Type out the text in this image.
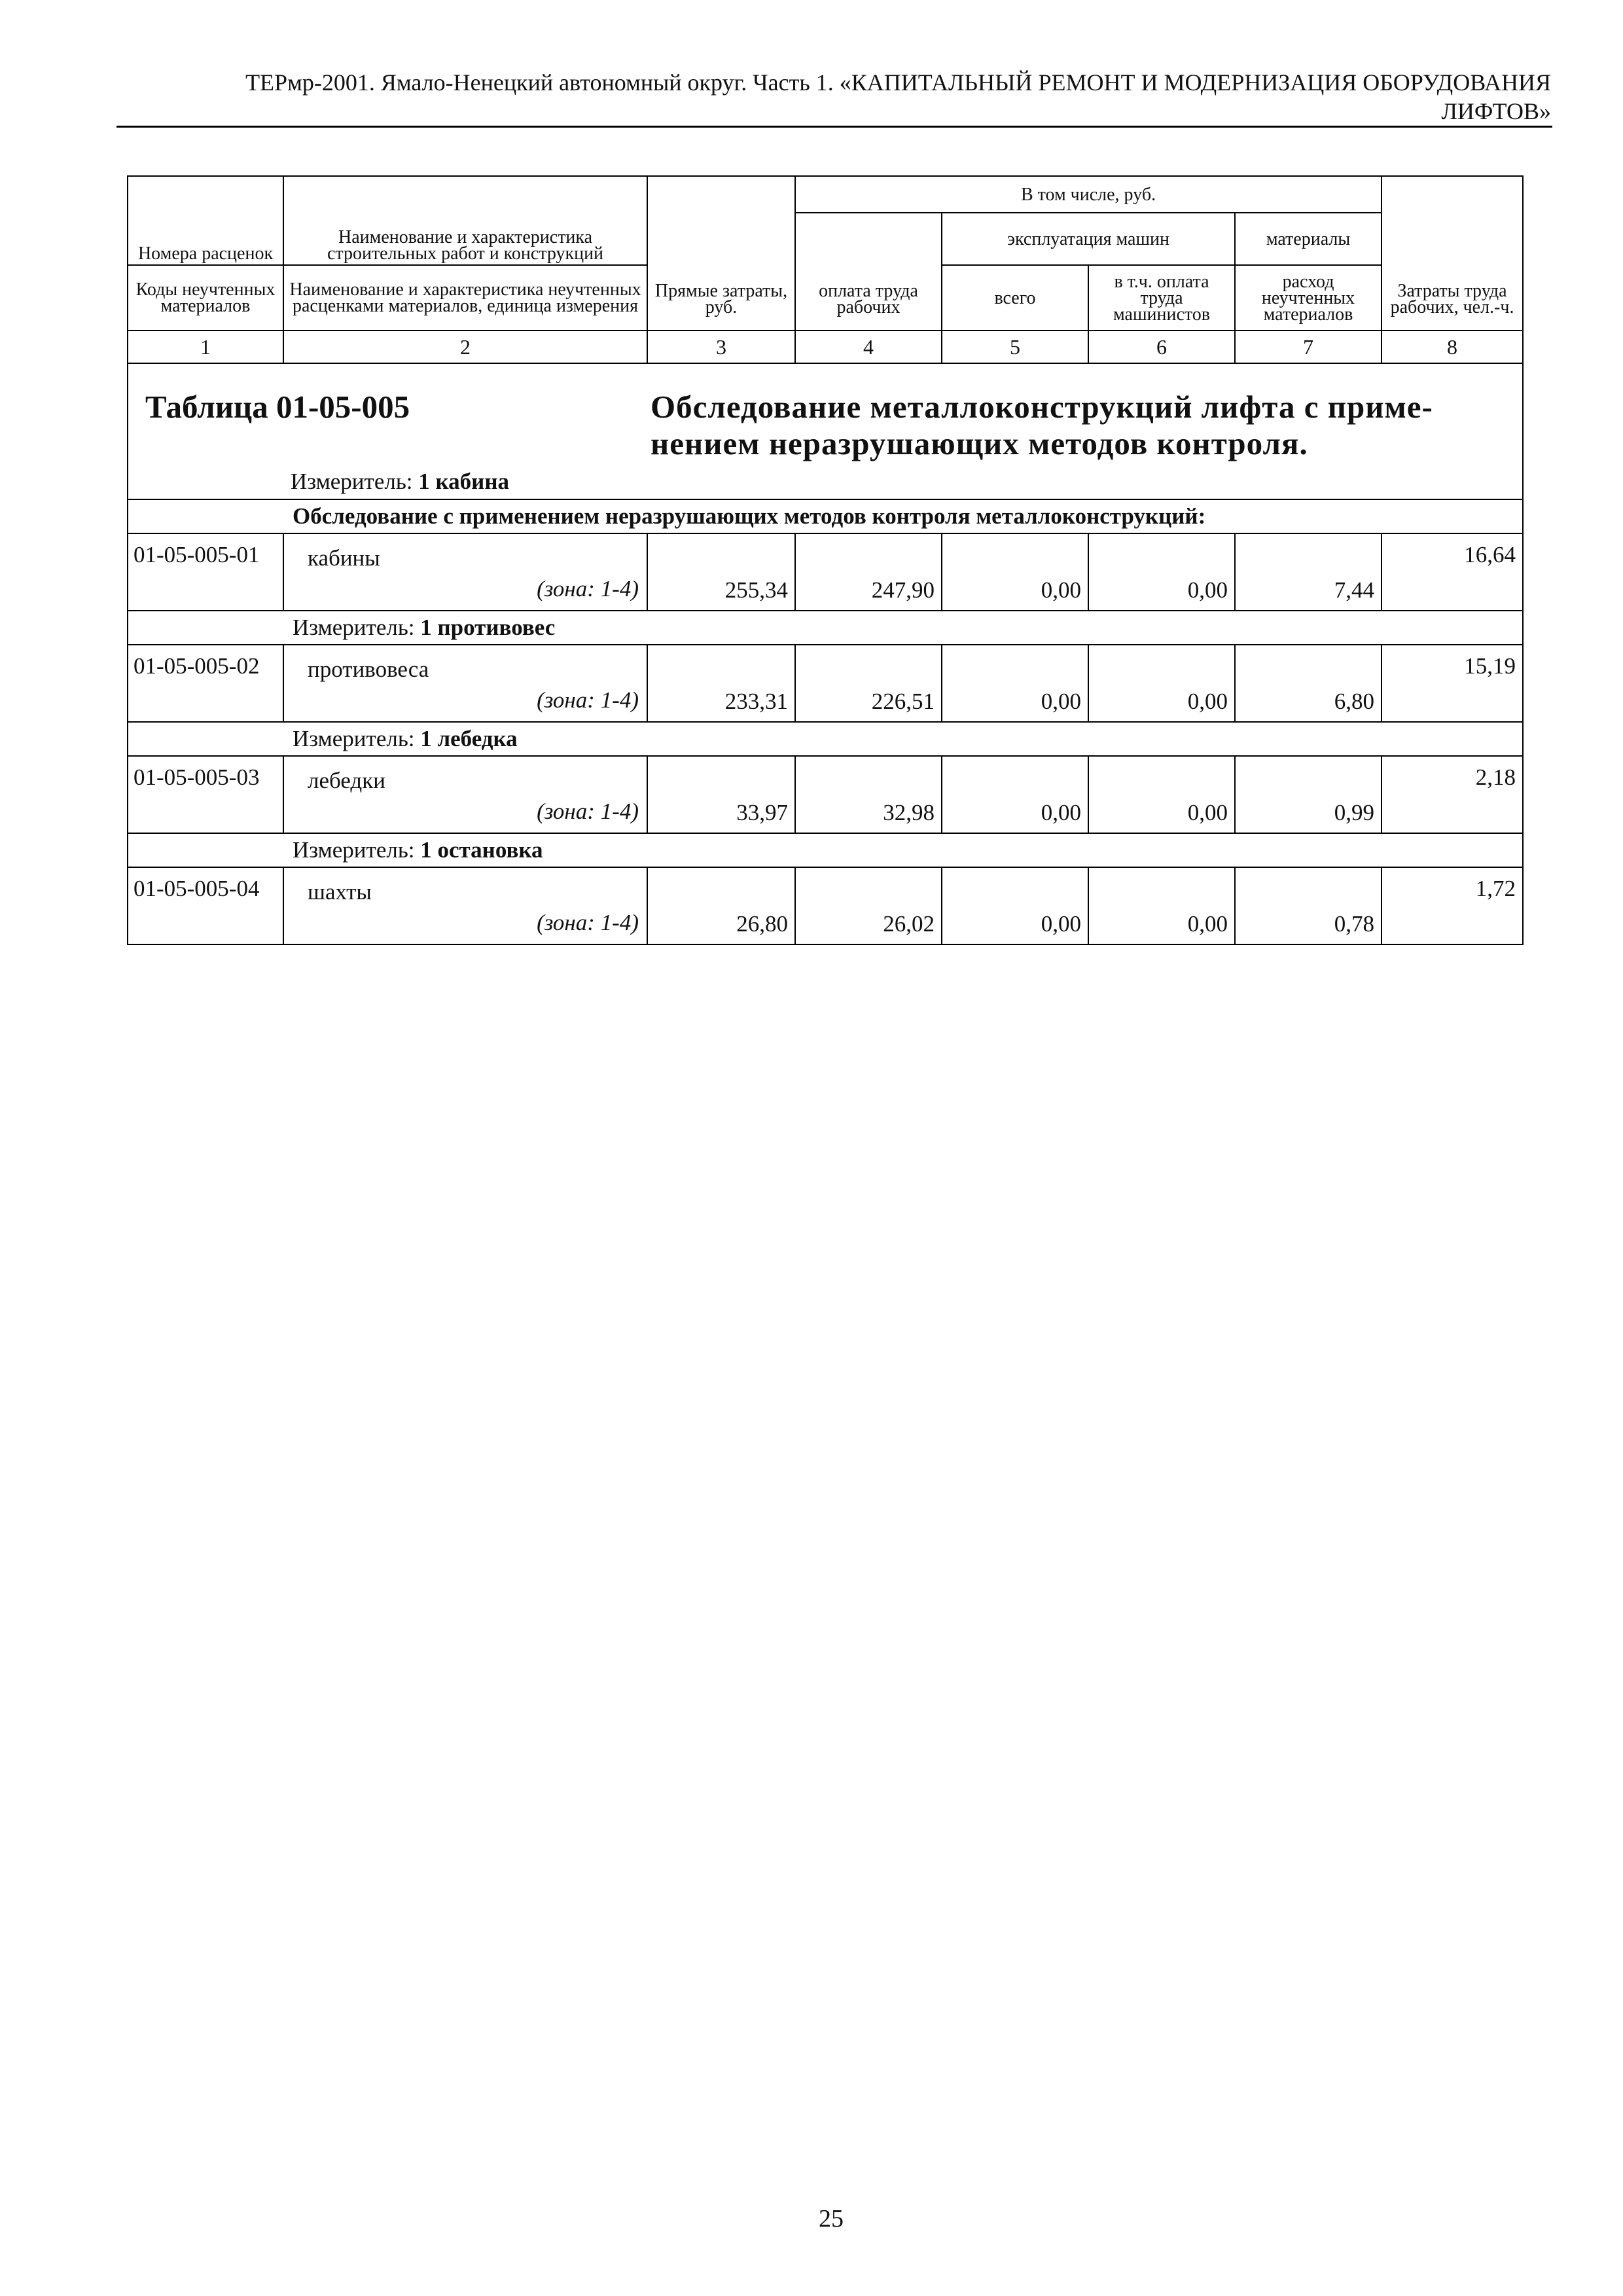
ТЕРмр-2001. Ямало-Ненецкий автономный округ. Часть 1. «КАПИТАЛЬНЫЙ РЕМОНТ И МОДЕРНИЗАЦИЯ ОБОРУДОВАНИЯ
ЛИФТОВ»
Номера расценок	Наименование и характеристика строительных работ и конструкций	Прямые затраты, руб.	В том числе, руб.				Затраты труда рабочих, чел.-ч.
			оплата труда рабочих	эксплуатация машин		материалы	
Коды неучтенных материалов	Наименование и характеристика неучтенных расценками материалов, единица измерения			всего	в т.ч. оплата труда машинистов	расход неучтенных материалов	
1	2	3	4	5	6	7	8

Таблица 01-05-005 Обследование металлоконструкций лифта с приме-
нением неразрушающих методов контроля.
Измеритель: 1 кабина							

	Обследование с применением неразрушающих методов контроля металлоконструкций:						
01-05-005-01	кабины
(зона: 1-4)	255,34	247,90	0,00	0,00	7,44	16,64
	Измеритель: 1 противовес						
01-05-005-02	противовеса
(зона: 1-4)	233,31	226,51	0,00	0,00	6,80	15,19
	Измеритель: 1 лебедка						
01-05-005-03	лебедки
(зона: 1-4)	33,97	32,98	0,00	0,00	0,99	2,18
	Измеритель: 1 остановка						
01-05-005-04	шахты
(зона: 1-4)	26,80	26,02	0,00	0,00	0,78	1,72
25
